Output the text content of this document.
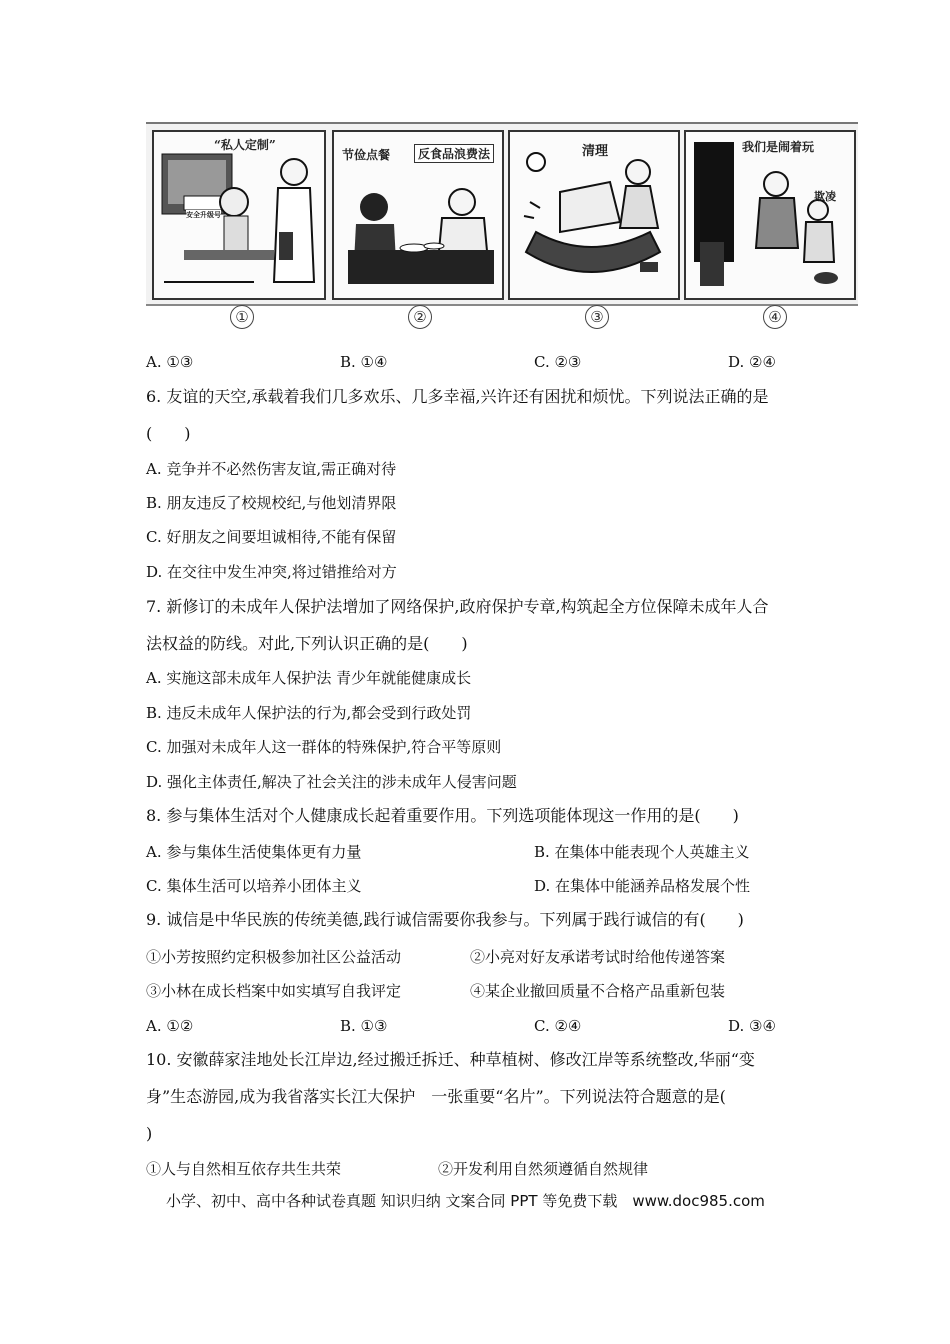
“私人定制”
安全升级号
节俭点餐	反食品浪费法	清理	我们是闹着玩
欺凌
①	②	③	④
A. ①③	B. ①④	C. ②③	D. ②④
6. 友谊的天空,承载着我们几多欢乐、几多幸福,兴许还有困扰和烦忧。下列说法正确的是
(　　)
A. 竞争并不必然伤害友谊,需正确对待
B. 朋友违反了校规校纪,与他划清界限
C. 好朋友之间要坦诚相待,不能有保留
D. 在交往中发生冲突,将过错推给对方
7. 新修订的未成年人保护法增加了网络保护,政府保护专章,构筑起全方位保障未成年人合
法权益的防线。对此,下列认识正确的是(　　)
A. 实施这部未成年人保护法 青少年就能健康成长
B. 违反未成年人保护法的行为,都会受到行政处罚
C. 加强对未成年人这一群体的特殊保护,符合平等原则
D. 强化主体责任,解决了社会关注的涉未成年人侵害问题
8. 参与集体生活对个人健康成长起着重要作用。下列选项能体现这一作用的是(　　)
A. 参与集体生活使集体更有力量	B. 在集体中能表现个人英雄主义
C. 集体生活可以培养小团体主义	D. 在集体中能涵养品格发展个性
9. 诚信是中华民族的传统美德,践行诚信需要你我参与。下列属于践行诚信的有(　　)
①小芳按照约定积极参加社区公益活动	②小亮对好友承诺考试时给他传递答案
③小林在成长档案中如实填写自我评定	④某企业撤回质量不合格产品重新包装
A. ①②	B. ①③	C. ②④	D. ③④
10. 安徽薛家洼地处长江岸边,经过搬迁拆迁、种草植树、修改江岸等系统整改,华丽“变
身”生态游园,成为我省落实长江大保护　一张重要“名片”。下列说法符合题意的是(
)
①人与自然相互依存共生共荣	②开发利用自然须遵循自然规律
小学、初中、高中各种试卷真题 知识归纳 文案合同 PPT 等免费下载　www.doc985.com
